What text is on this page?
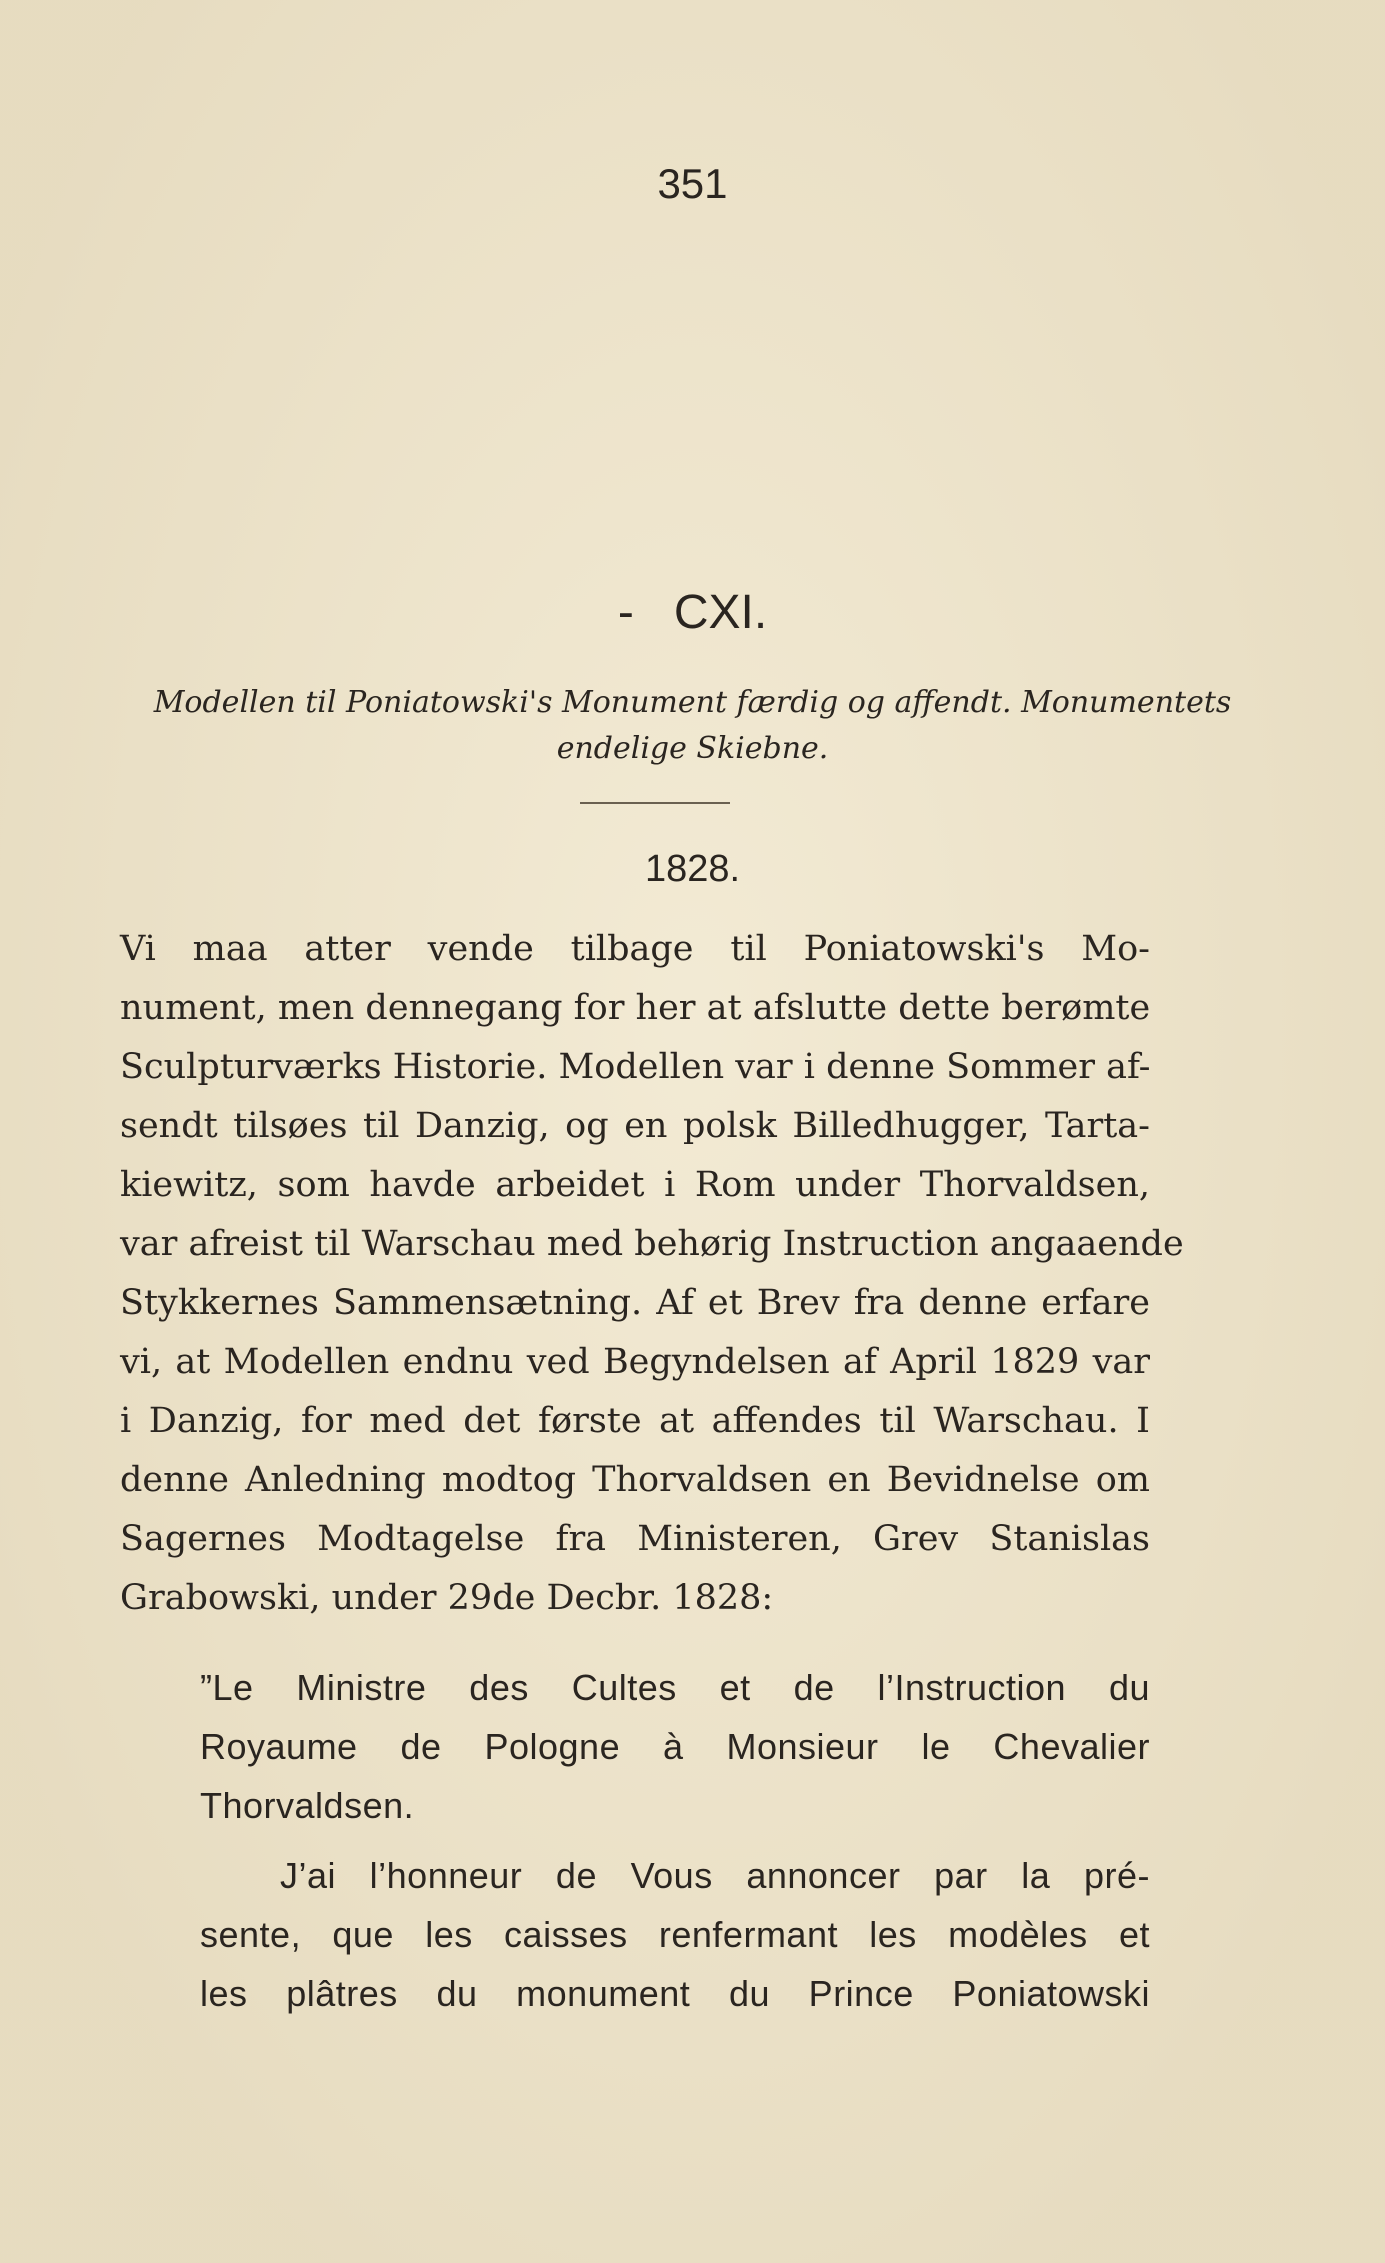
351
- CXI.
Modellen til Poniatowski's Monument færdig og affendt. Monumentets
endelige Skiebne.
1828.
Vi maa atter vende tilbage til Poniatowski's Mo-
nument, men dennegang for her at afslutte dette berømte
Sculpturværks Historie. Modellen var i denne Sommer af-
sendt tilsøes til Danzig, og en polsk Billedhugger, Tarta-
kiewitz, som havde arbeidet i Rom under Thorvaldsen,
var afreist til Warschau med behørig Instruction angaaende
Stykkernes Sammensætning. Af et Brev fra denne erfare
vi, at Modellen endnu ved Begyndelsen af April 1829 var
i Danzig, for med det første at affendes til Warschau. I
denne Anledning modtog Thorvaldsen en Bevidnelse om
Sagernes Modtagelse fra Ministeren, Grev Stanislas
Grabowski, under 29de Decbr. 1828:
”Le Ministre des Cultes et de l’Instruction du
Royaume de Pologne à Monsieur le Chevalier
Thorvaldsen.
J’ai l’honneur de Vous annoncer par la pré-
sente, que les caisses renfermant les modèles et
les plâtres du monument du Prince Poniatowski
